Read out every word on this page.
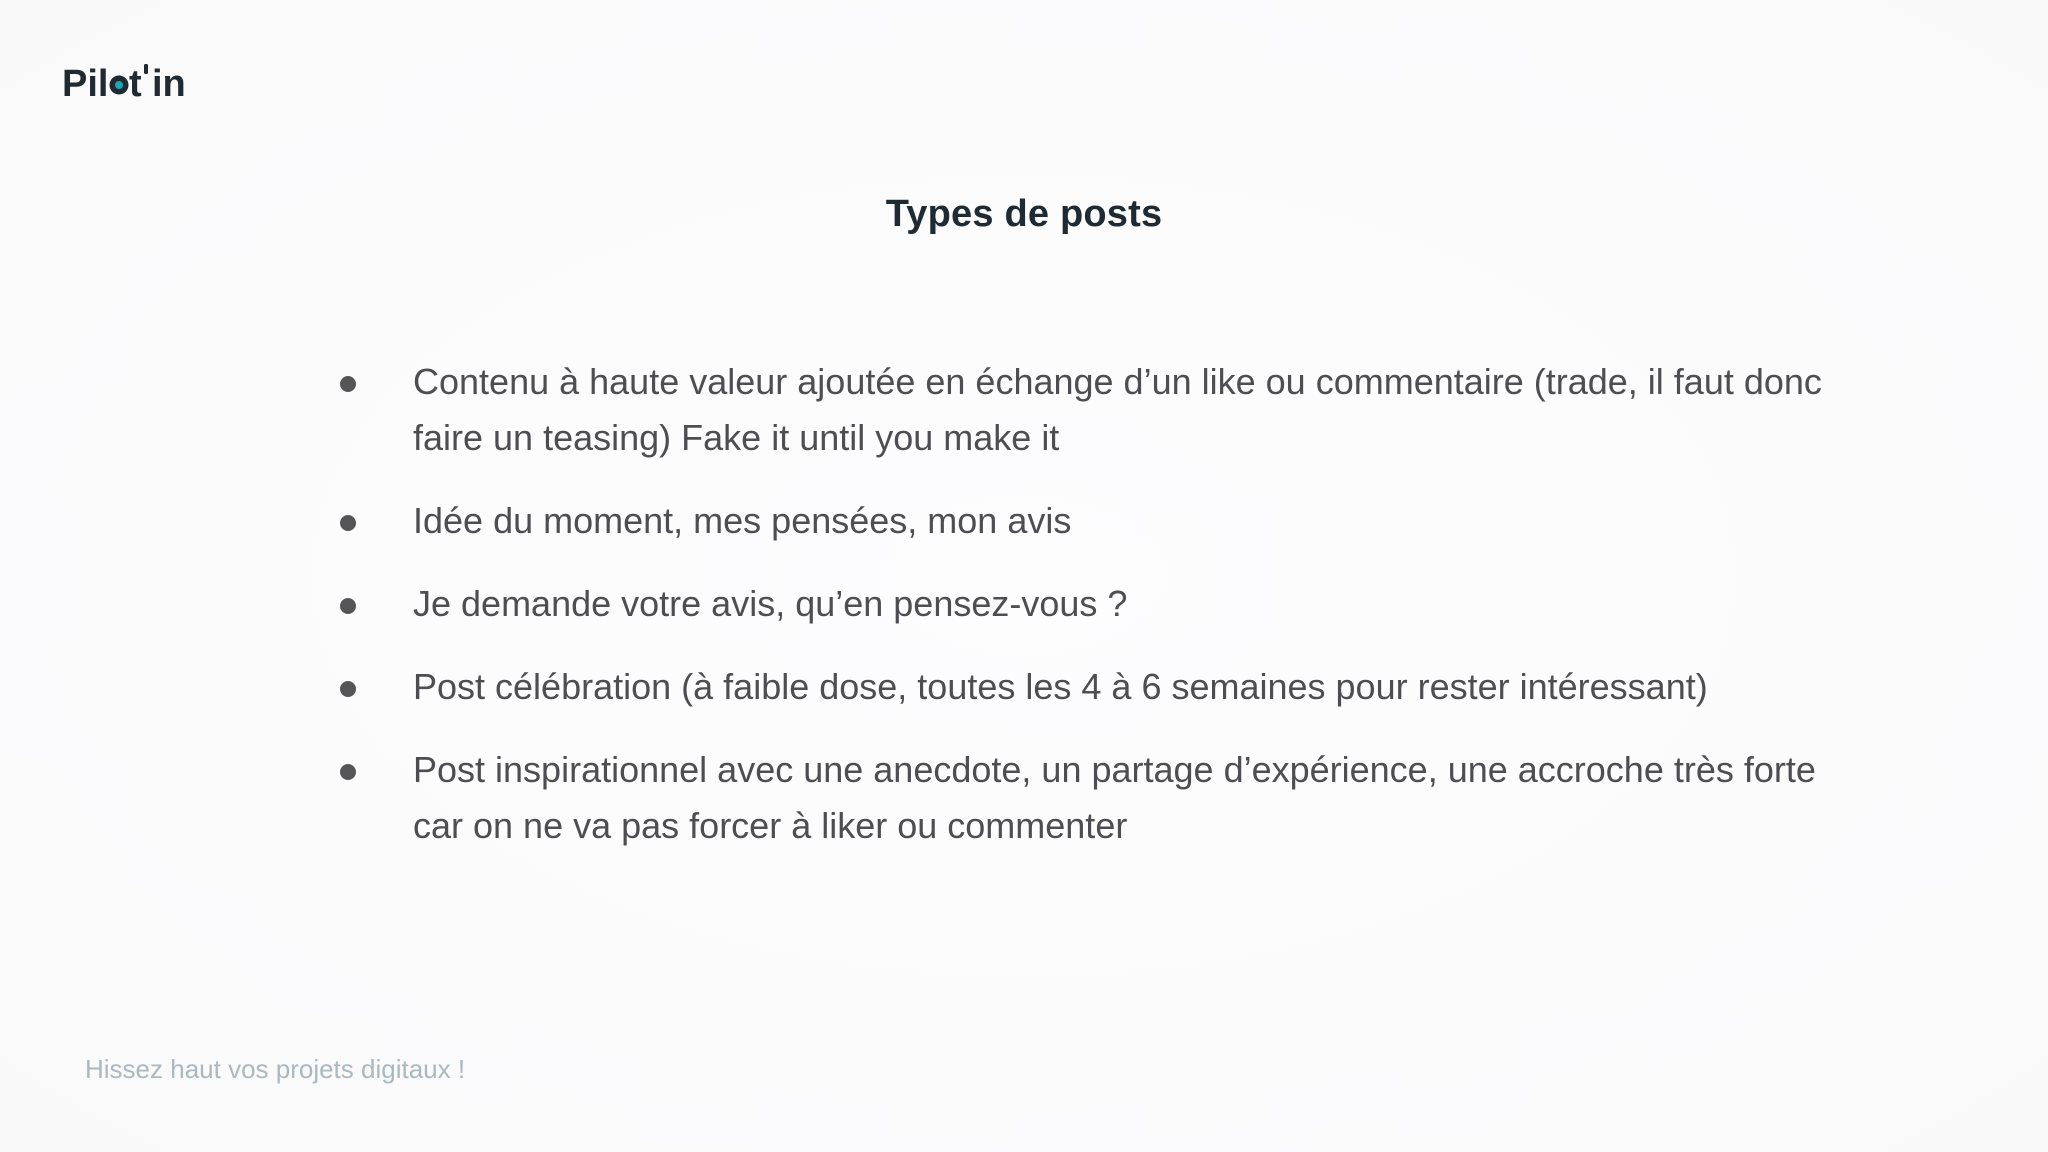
Pil t in
Types de posts
Contenu à haute valeur ajoutée en échange d’un like ou commentaire (trade, il faut donc faire un teasing) Fake it until you make it
Idée du moment, mes pensées, mon avis
Je demande votre avis, qu’en pensez-vous ?
Post célébration (à faible dose, toutes les 4 à 6 semaines pour rester intéressant)
Post inspirationnel avec une anecdote, un partage d’expérience, une accroche très forte car on ne va pas forcer à liker ou commenter
Hissez haut vos projets digitaux !
